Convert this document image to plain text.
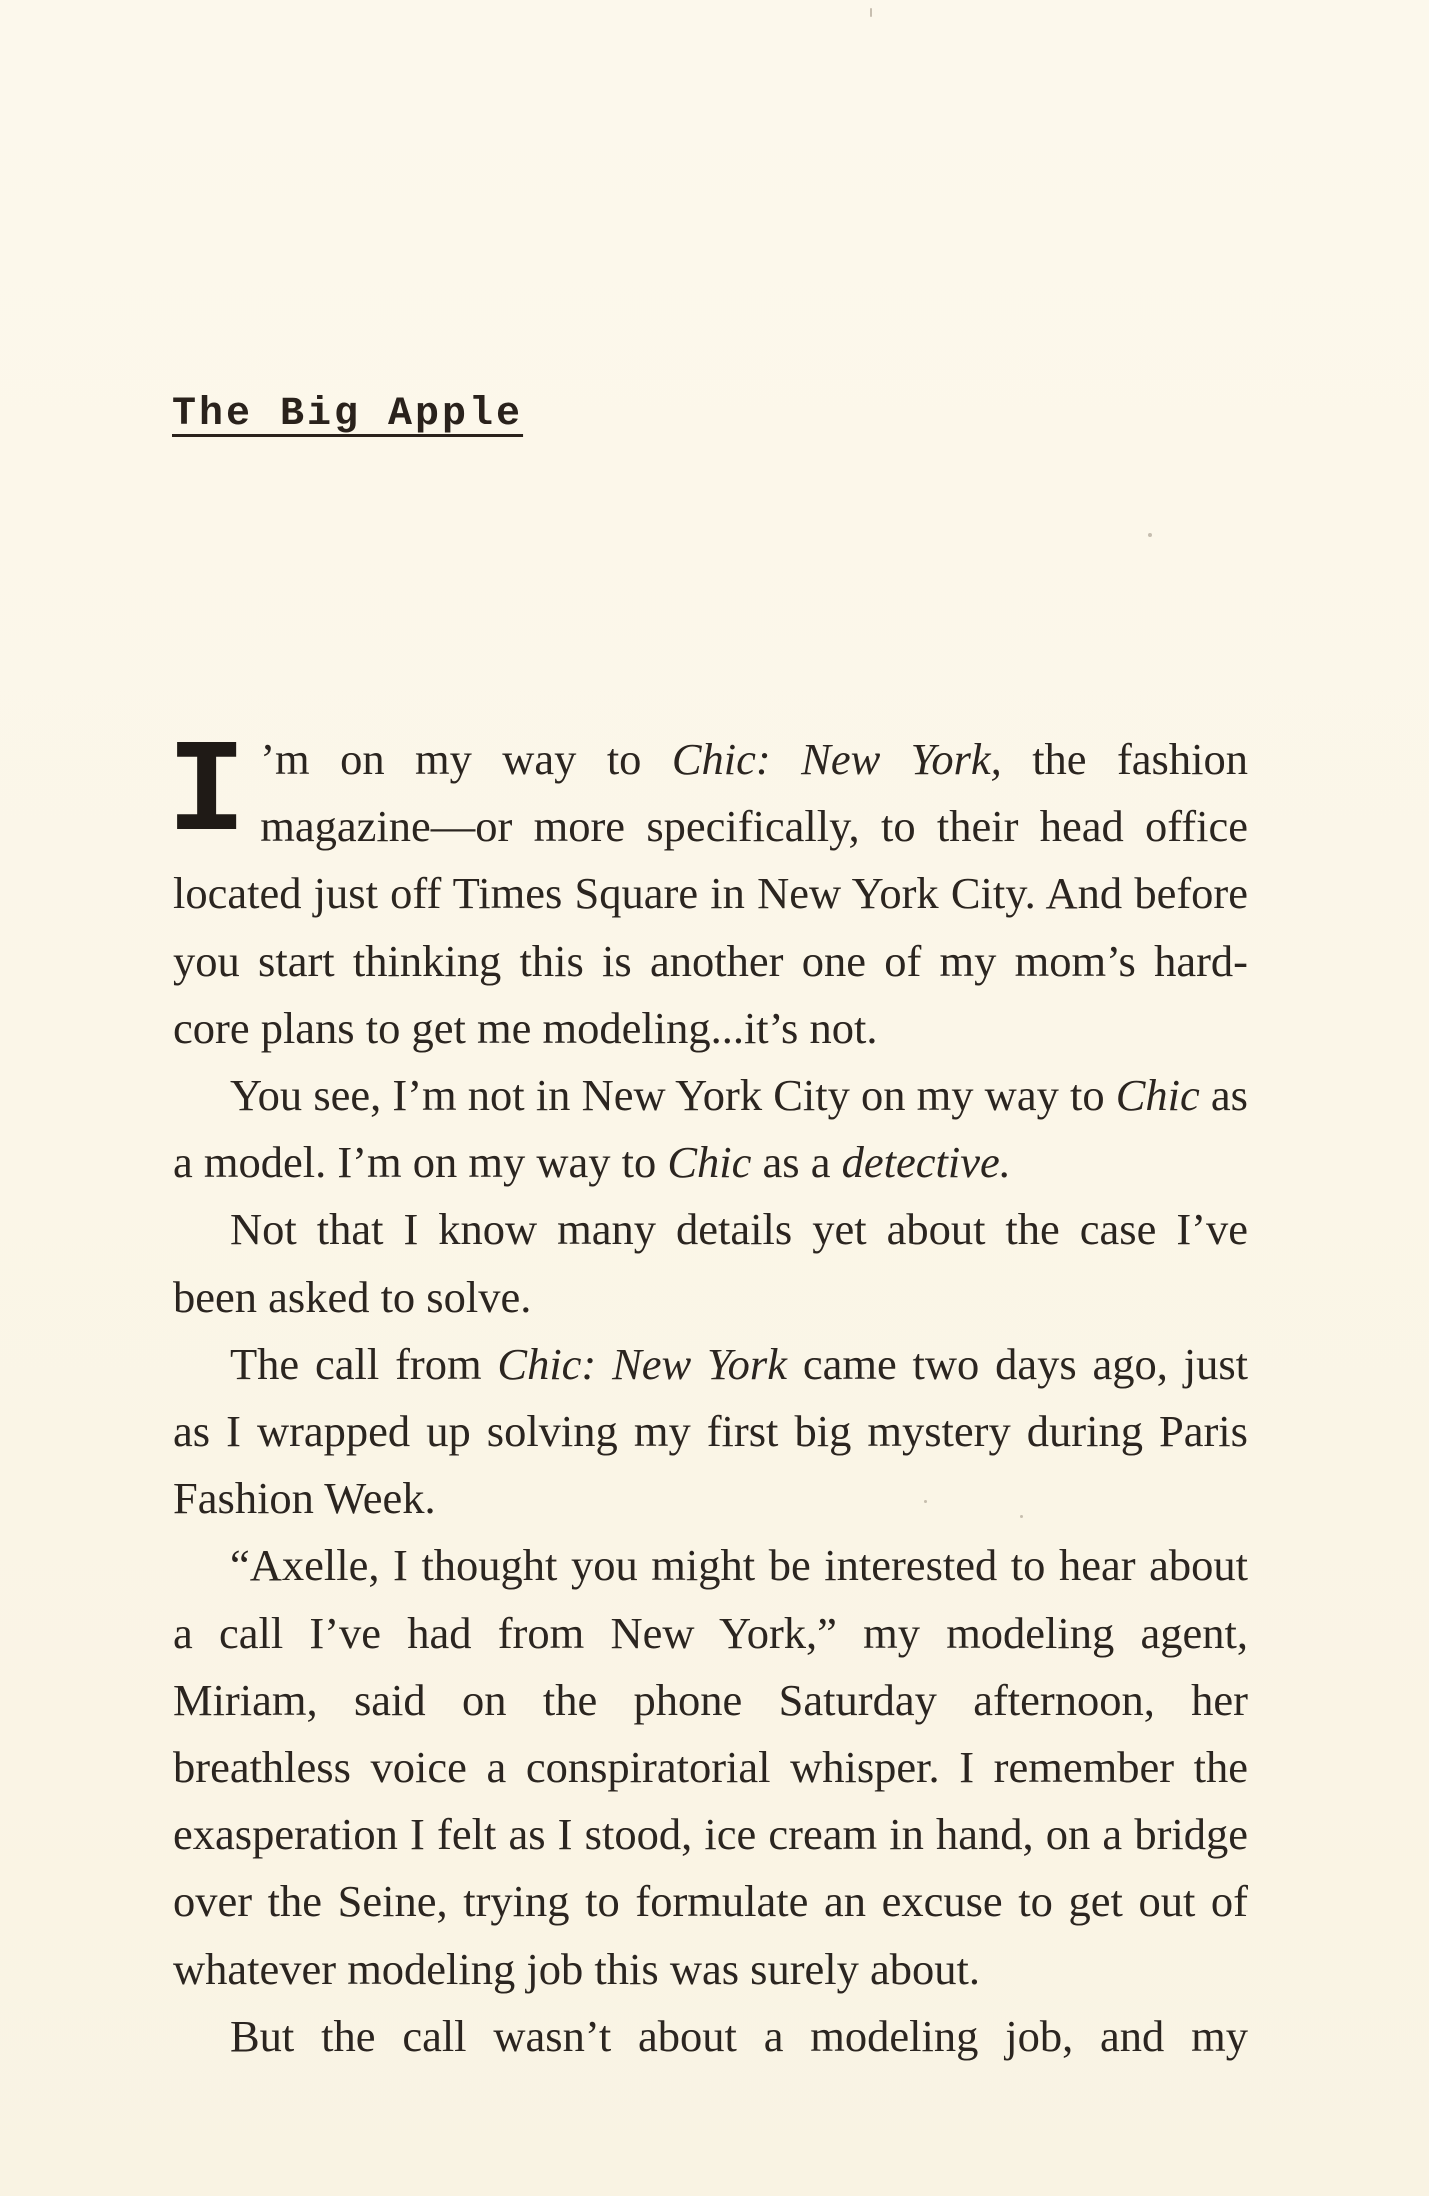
The Big Apple

I ’m on my way to Chic: New York, the fashion magazine—or more specifically, to their head office located just off Times Square in New York City. And before you start thinking this is another one of my mom’s hard-core plans to get me modeling...it’s not.

You see, I’m not in New York City on my way to Chic as a model. I’m on my way to Chic as a detective.

Not that I know many details yet about the case I’ve been asked to solve.

The call from Chic: New York came two days ago, just as I wrapped up solving my first big mystery during Paris Fashion Week.

“Axelle, I thought you might be interested to hear about a call I’ve had from New York,” my modeling agent, Miriam, said on the phone Saturday afternoon, her breathless voice a conspiratorial whisper. I remember the exasperation I felt as I stood, ice cream in hand, on a bridge over the Seine, trying to formulate an excuse to get out of whatever modeling job this was surely about.

But the call wasn’t about a modeling job, and my
